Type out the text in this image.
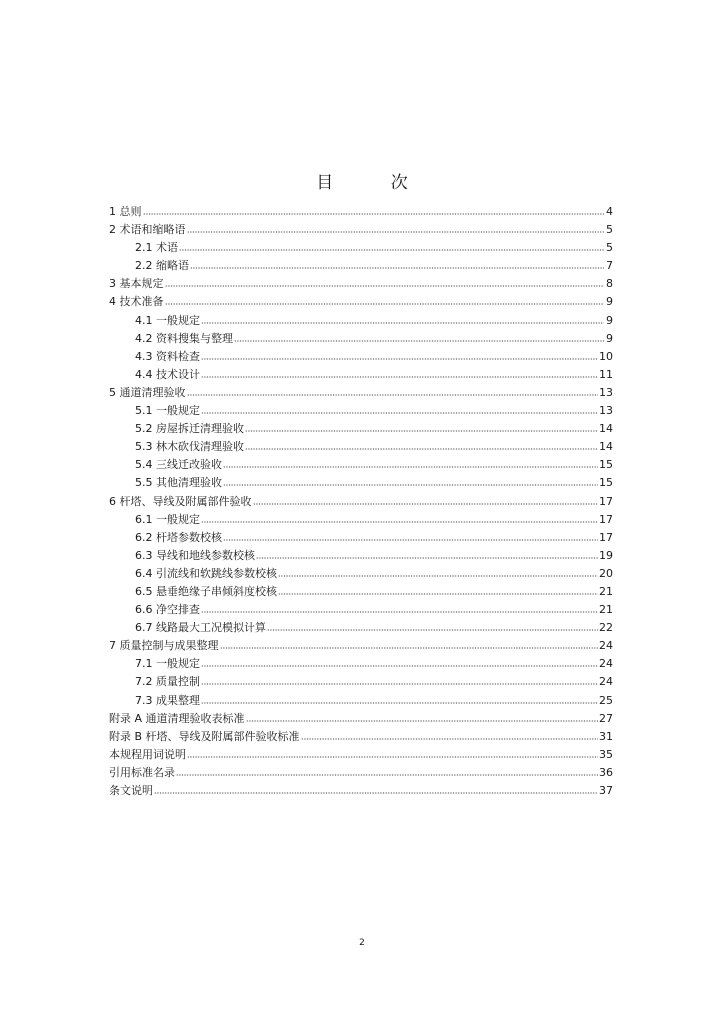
目 次
1 总则	4
2 术语和缩略语	5
2.1 术语	5
2.2 缩略语	7
3 基本规定	8
4 技术准备	9
4.1 一般规定	9
4.2 资料搜集与整理	9
4.3 资料检查	10
4.4 技术设计	11
5 通道清理验收	13
5.1 一般规定	13
5.2 房屋拆迁清理验收	14
5.3 林木砍伐清理验收	14
5.4 三线迁改验收	15
5.5 其他清理验收	15
6 杆塔、导线及附属部件验收	17
6.1 一般规定	17
6.2 杆塔参数校核	17
6.3 导线和地线参数校核	19
6.4 引流线和软跳线参数校核	20
6.5 悬垂绝缘子串倾斜度校核	21
6.6 净空排查	21
6.7 线路最大工况模拟计算	22
7 质量控制与成果整理	24
7.1 一般规定	24
7.2 质量控制	24
7.3 成果整理	25
附录 A 通道清理验收表标准	27
附录 B 杆塔、导线及附属部件验收标准	31
本规程用词说明	35
引用标准名录	36
条文说明	37
2
